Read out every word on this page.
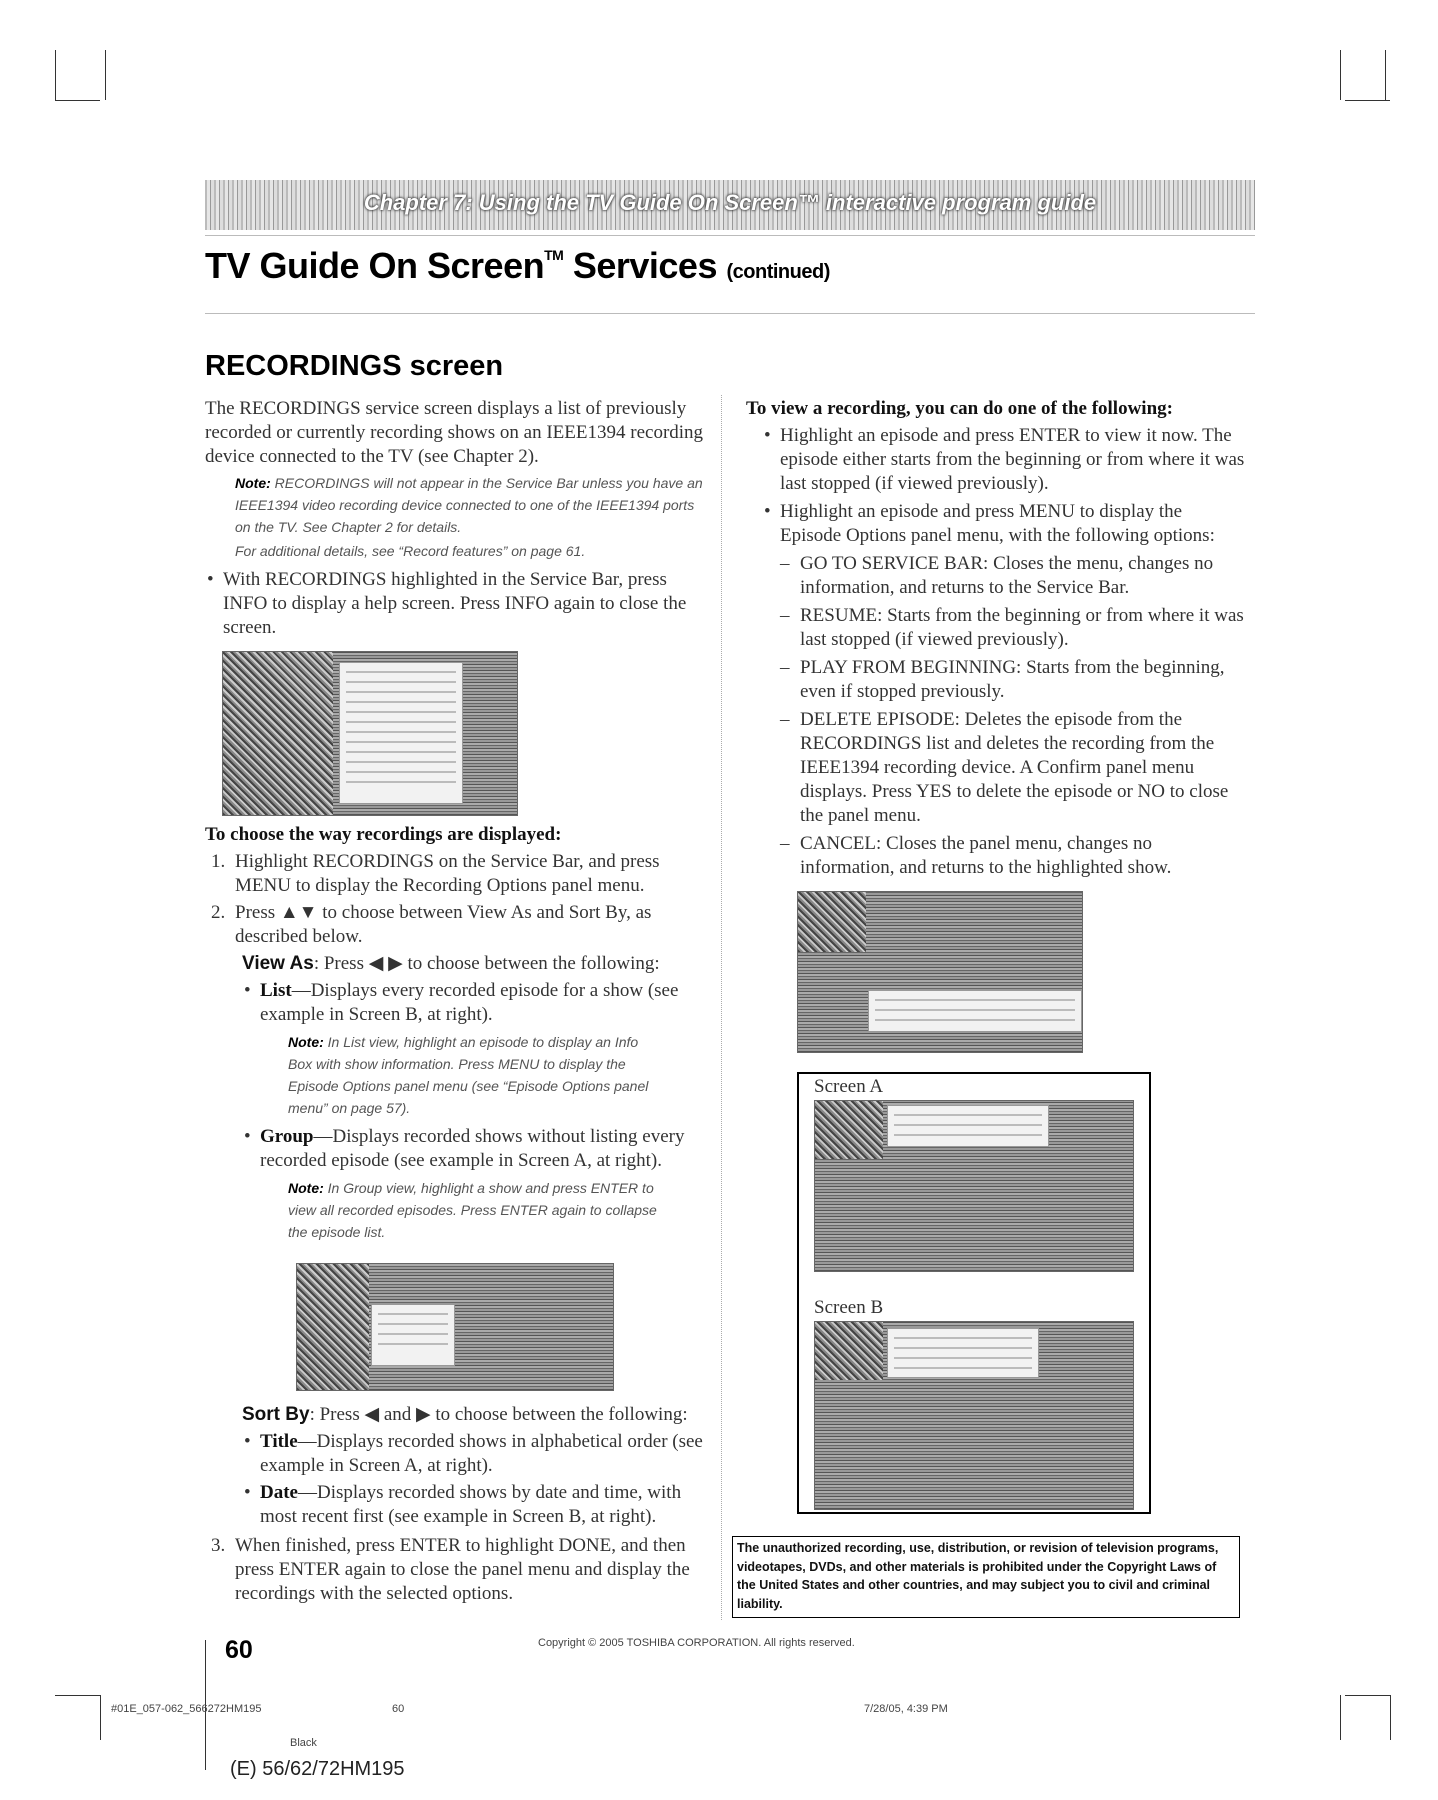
Chapter 7: Using the TV Guide On Screen™ interactive program guide
TV Guide On Screen™ Services (continued)
RECORDINGS screen

The RECORDINGS service screen displays a list of previously recorded or currently recording shows on an IEEE1394 recording device connected to the TV (see Chapter 2).

Note: RECORDINGS will not appear in the Service Bar unless you have an IEEE1394 video recording device connected to one of the IEEE1394 ports on the TV. See Chapter 2 for details.

For additional details, see “Record features” on page 61.

• With RECORDINGS highlighted in the Service Bar, press INFO to display a help screen. Press INFO again to close the screen.

To choose the way recordings are displayed:

1. Highlight RECORDINGS on the Service Bar, and press MENU to display the Recording Options panel menu.

2. Press ▲▼ to choose between View As and Sort By, as described below.

View As: Press ◀ ▶ to choose between the following:

• List—Displays every recorded episode for a show (see example in Screen B, at right).

Note: In List view, highlight an episode to display an Info Box with show information. Press MENU to display the Episode Options panel menu (see “Episode Options panel menu” on page 57).

• Group—Displays recorded shows without listing every recorded episode (see example in Screen A, at right).

Note: In Group view, highlight a show and press ENTER to view all recorded episodes. Press ENTER again to collapse the episode list.

Sort By: Press ◀ and ▶ to choose between the following:

• Title—Displays recorded shows in alphabetical order (see example in Screen A, at right).

• Date—Displays recorded shows by date and time, with most recent first (see example in Screen B, at right).

3. When finished, press ENTER to highlight DONE, and then press ENTER again to close the panel menu and display the recordings with the selected options.

To view a recording, you can do one of the following:

• Highlight an episode and press ENTER to view it now. The episode either starts from the beginning or from where it was last stopped (if viewed previously).

• Highlight an episode and press MENU to display the Episode Options panel menu, with the following options:

– GO TO SERVICE BAR: Closes the menu, changes no information, and returns to the Service Bar.

– RESUME: Starts from the beginning or from where it was last stopped (if viewed previously).

– PLAY FROM BEGINNING: Starts from the beginning, even if stopped previously.

– DELETE EPISODE: Deletes the episode from the RECORDINGS list and deletes the recording from the IEEE1394 recording device. A Confirm panel menu displays. Press YES to delete the episode or NO to close the panel menu.

– CANCEL: Closes the panel menu, changes no information, and returns to the highlighted show.

Screen A
Screen B
The unauthorized recording, use, distribution, or revision of television programs, videotapes, DVDs, and other materials is prohibited under the Copyright Laws of the United States and other countries, and may subject you to civil and criminal liability.
60	Copyright © 2005 TOSHIBA CORPORATION. All rights reserved.
#01E_057-062_566272HM195	60	7/28/05, 4:39 PM
Black
(E) 56/62/72HM195
